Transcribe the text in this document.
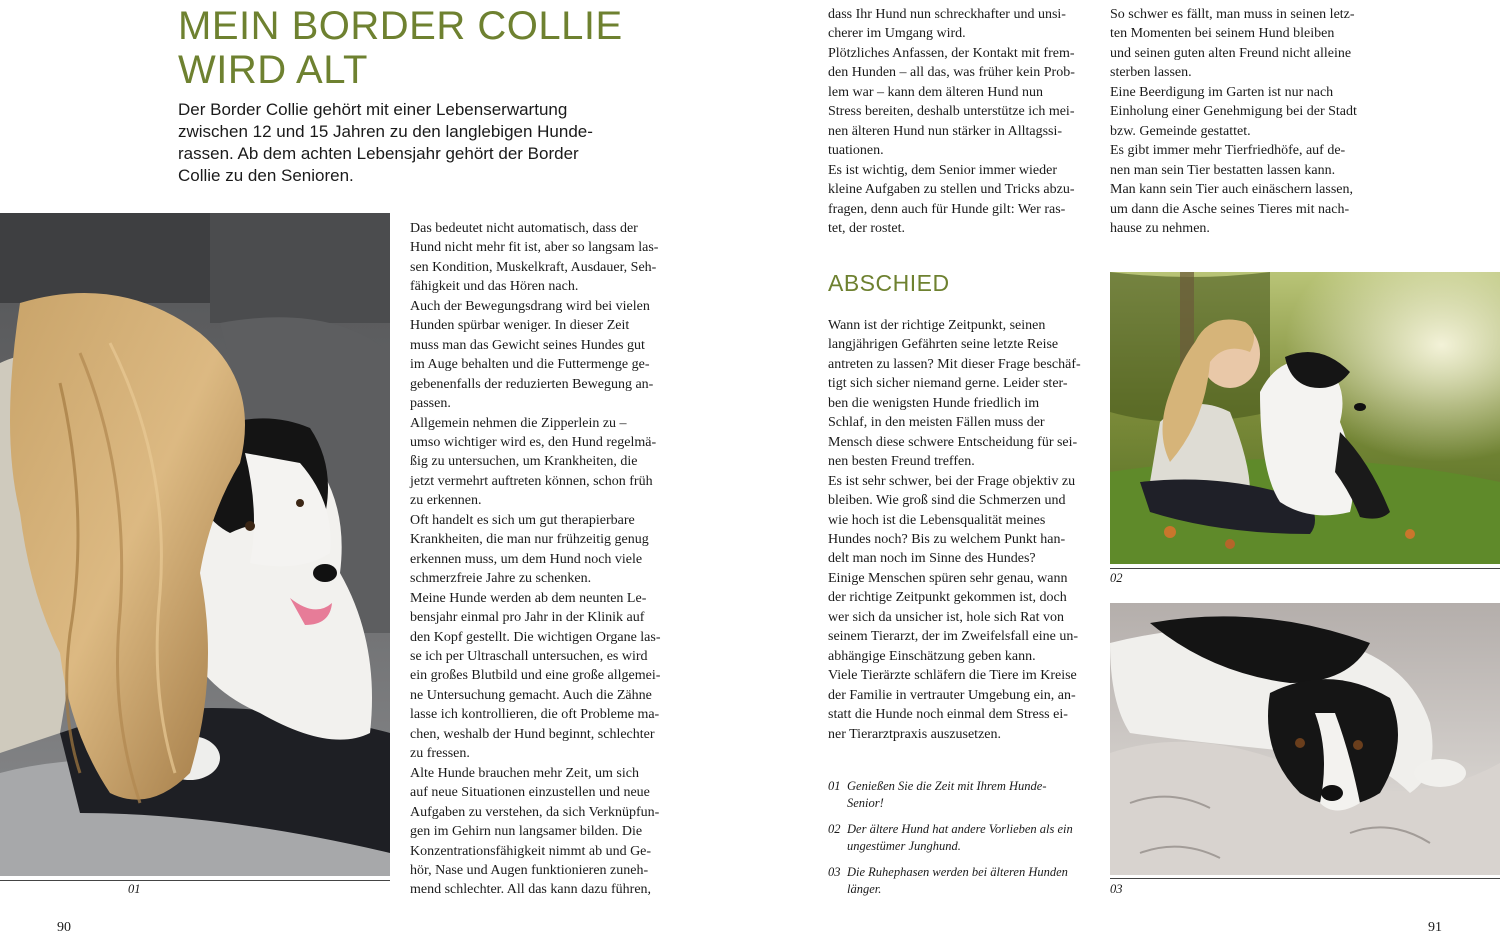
MEIN BORDER COLLIE
WIRD ALT
Der Border Collie gehört mit einer Lebenserwartung
zwischen 12 und 15 Jahren zu den langlebigen Hunde-
rassen. Ab dem achten Lebensjahr gehört der Border
Collie zu den Senioren.
01
Das bedeutet nicht automatisch, dass der
Hund nicht mehr fit ist, aber so langsam las-
sen Kondition, Muskelkraft, Ausdauer, Seh-
fähigkeit und das Hören nach.
Auch der Bewegungsdrang wird bei vielen
Hunden spürbar weniger. In dieser Zeit
muss man das Gewicht seines Hundes gut
im Auge behalten und die Futtermenge ge-
gebenenfalls der reduzierten Bewegung an-
passen.
Allgemein nehmen die Zipperlein zu –
umso wichtiger wird es, den Hund regelmä-
ßig zu untersuchen, um Krankheiten, die
jetzt vermehrt auftreten können, schon früh
zu erkennen.
Oft handelt es sich um gut therapierbare
Krankheiten, die man nur frühzeitig genug
erkennen muss, um dem Hund noch viele
schmerzfreie Jahre zu schenken.
Meine Hunde werden ab dem neunten Le-
bensjahr einmal pro Jahr in der Klinik auf
den Kopf gestellt. Die wichtigen Organe las-
se ich per Ultraschall untersuchen, es wird
ein großes Blutbild und eine große allgemei-
ne Untersuchung gemacht. Auch die Zähne
lasse ich kontrollieren, die oft Probleme ma-
chen, weshalb der Hund beginnt, schlechter
zu fressen.
Alte Hunde brauchen mehr Zeit, um sich
auf neue Situationen einzustellen und neue
Aufgaben zu verstehen, da sich Verknüpfun-
gen im Gehirn nun langsamer bilden. Die
Konzentrationsfähigkeit nimmt ab und Ge-
hör, Nase und Augen funktionieren zuneh-
mend schlechter. All das kann dazu führen,
90
dass Ihr Hund nun schreckhafter und unsi-
cherer im Umgang wird.
Plötzliches Anfassen, der Kontakt mit frem-
den Hunden – all das, was früher kein Prob-
lem war – kann dem älteren Hund nun
Stress bereiten, deshalb unterstütze ich mei-
nen älteren Hund nun stärker in Alltagssi-
tuationen.
Es ist wichtig, dem Senior immer wieder
kleine Aufgaben zu stellen und Tricks abzu-
fragen, denn auch für Hunde gilt: Wer ras-
tet, der rostet.
ABSCHIED
Wann ist der richtige Zeitpunkt, seinen
langjährigen Gefährten seine letzte Reise
antreten zu lassen? Mit dieser Frage beschäf-
tigt sich sicher niemand gerne. Leider ster-
ben die wenigsten Hunde friedlich im
Schlaf, in den meisten Fällen muss der
Mensch diese schwere Entscheidung für sei-
nen besten Freund treffen.
Es ist sehr schwer, bei der Frage objektiv zu
bleiben. Wie groß sind die Schmerzen und
wie hoch ist die Lebensqualität meines
Hundes noch? Bis zu welchem Punkt han-
delt man noch im Sinne des Hundes?
Einige Menschen spüren sehr genau, wann
der richtige Zeitpunkt gekommen ist, doch
wer sich da unsicher ist, hole sich Rat von
seinem Tierarzt, der im Zweifelsfall eine un-
abhängige Einschätzung geben kann.
Viele Tierärzte schläfern die Tiere im Kreise
der Familie in vertrauter Umgebung ein, an-
statt die Hunde noch einmal dem Stress ei-
ner Tierarztpraxis auszusetzen.
01 Genießen Sie die Zeit mit Ihrem Hunde-
Senior!
02 Der ältere Hund hat andere Vorlieben als ein
ungestümer Junghund.
03 Die Ruhephasen werden bei älteren Hunden
länger.
So schwer es fällt, man muss in seinen letz-
ten Momenten bei seinem Hund bleiben
und seinen guten alten Freund nicht alleine
sterben lassen.
Eine Beerdigung im Garten ist nur nach
Einholung einer Genehmigung bei der Stadt
bzw. Gemeinde gestattet.
Es gibt immer mehr Tierfriedhöfe, auf de-
nen man sein Tier bestatten lassen kann.
Man kann sein Tier auch einäschern lassen,
um dann die Asche seines Tieres mit nach-
hause zu nehmen.
02
03
91
